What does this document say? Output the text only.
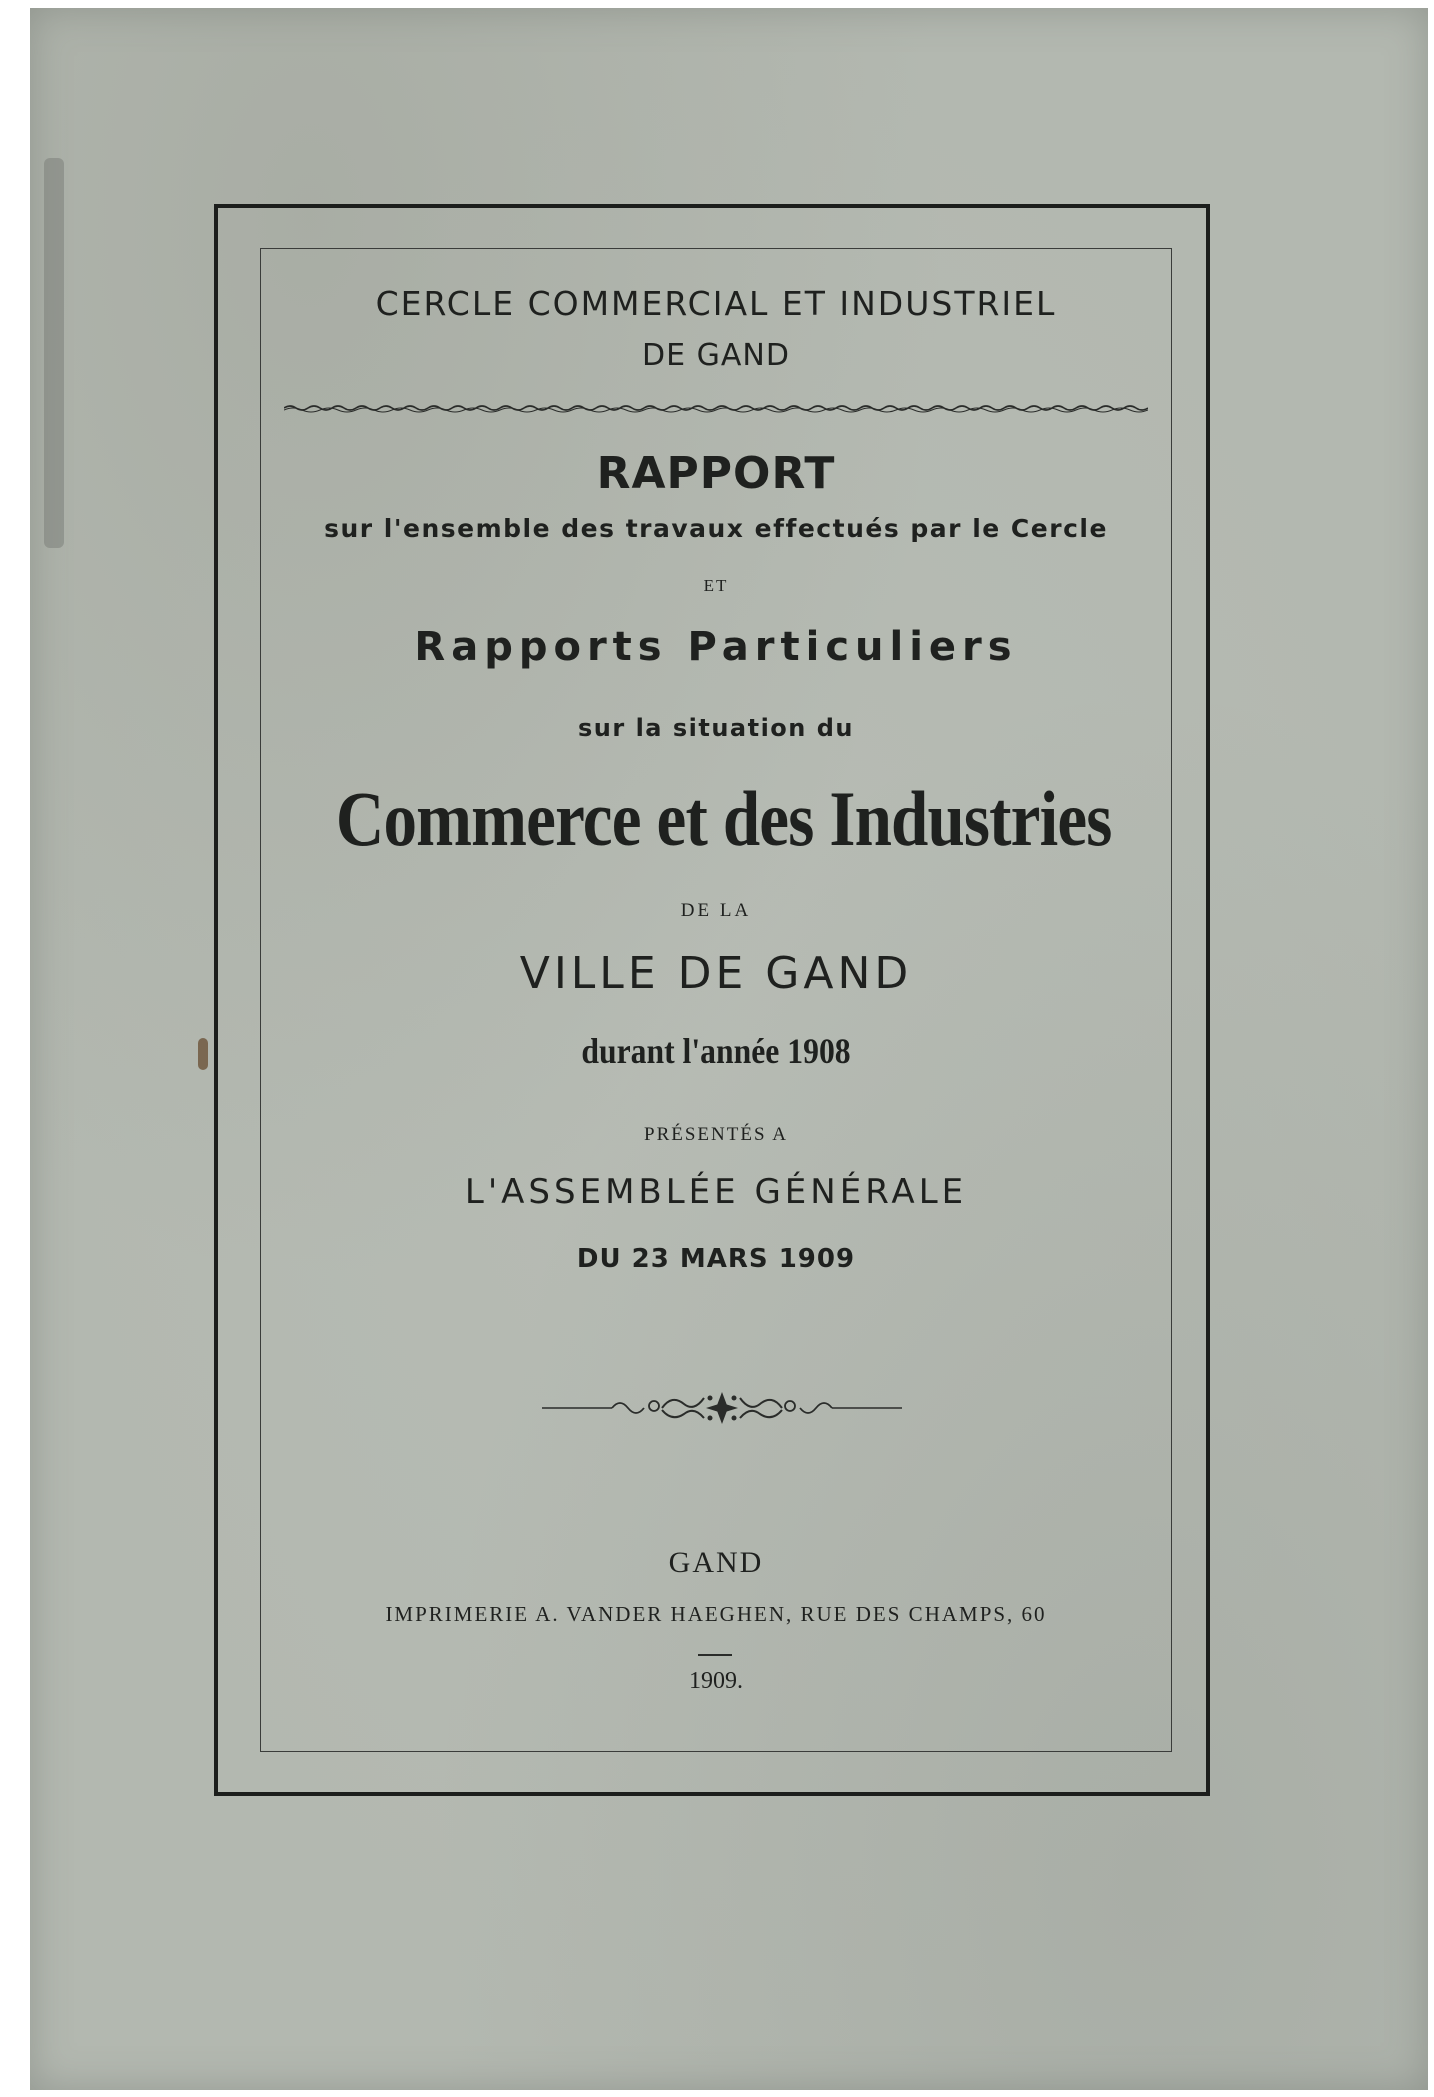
CERCLE COMMERCIAL ET INDUSTRIEL
DE GAND
RAPPORT
sur l'ensemble des travaux effectués par le Cercle
ET
Rapports Particuliers
sur la situation du
Commerce et des Industries
DE LA
VILLE DE GAND
durant l'année 1908
PRÉSENTÉS A
L'ASSEMBLÉE GÉNÉRALE
DU 23 MARS 1909
GAND
IMPRIMERIE A. VANDER HAEGHEN, RUE DES CHAMPS, 60
1909.
